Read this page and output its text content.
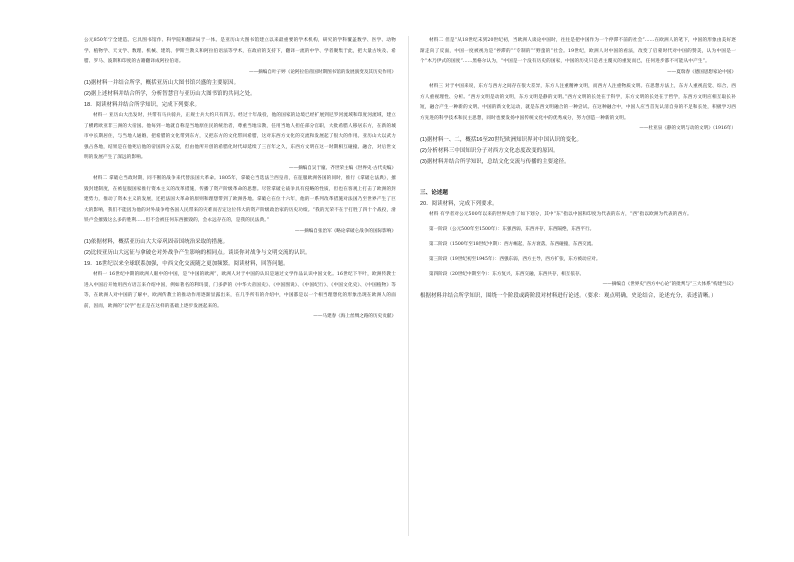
公元850年宁全建造。它具图书馆作、科学院和翻译局于一体。是亚历山大图书馆建立以来最重要的学术机构，研究的学科覆盖数学、医学、动物学、植物学、天文学、数理、机械、建筑、伊斯兰教义和阿拉伯语法等学术，在政府的支持下，翻译一流的中学、学者聚集于此，把大量古埃及、希腊、罗马、波斯和印度的古籍翻译成阿拉伯语。

——摘编自叶子婷《论阿拉伯帝国时期图书馆的发展演变及其历史作用》

(1)据材料一并结合所学，概括亚历山大图书馆兴盛的主要原因。

(2)据上述材料并结合所学，分析智慧宫与亚历山大图书馆的共同之处。

18．阅读材料并结合所学知识，完成下列要求。

材料一 亚历山大出发时，共带有马兵骑兵，正规士兵大约只有四万。经过十年战役，他的国家的边境已经扩展到尼罗河流域和印度河流域，建立了横跨欧亚非三洲的大帝国。他每到一地就自称是当地原住民的统治者，尊重当地宗教，任用当地人担任部分官职，大批希腊人移居东方，在新的城市中长期居住，与当地人通婚，把希腊的文化带到东方，又把东方的文化带回希腊，这对东西方文化的交流和发展起了很大的作用。亚历山大以武力强占各地，结果是在他死后他的帝国四分五裂，但由他所开创的希腊化时代却延续了三百年之久，东西方文明在这一时期相互碰撞、融合，对后世文明的发展产生了深远的影响。

——摘编自吴于廑、齐世荣主编《世界史·古代史编》

材料二 拿破仑当政时期，同不断的战争来代替法国大革命。1805年，拿破仑当选法兰西皇帝，在征服欧洲各国的同时，推行《拿破仑法典》，摧毁封建制度，在被征服国家推行资本主义的改革措施，传播了资产阶级革命的思想。尽管拿破仑战争具有侵略的性质，但也在客观上打击了欧洲的封建势力，推动了资本主义的发展，还把法国大革命的原则和理想带到了欧洲各地。拿破仑在位十六年，他的一系列改革措施对法国乃至世界产生了巨大的影响，我们不能因为他的对外战争给各国人民带来的灾难而否定这位伟大的资产阶级政治家的历史功绩。“我的光荣不在于打胜了四十个战役，滑铁卢会摧毁这么多的胜利……但不会被任何东西摧毁的，会永远存在的，是我的民法典。”

——摘编自张治军《略论拿破仑战争的国际影响》

(1)依据材料，概括亚历山大大帝巩固帝国统治采取的措施。

(2)比较亚历山大远征与拿破仑对外战争产生影响的相同点。谈谈你对战争与文明交流的认识。

19．16世纪以来全球联系加强，中西文化交流随之更加频繁。阅读材料，回答问题。

材料一 16世纪中期的欧洲人眼中的中国，是“中国的欧洲”，欧洲人对于中国的认识是通过文学作品认识中国文化。16世纪下半叶，欧洲传教士进入中国后开始用西方语言来介绍中国，例如著名的利玛窦，门多萨的《中华大帝国史》、《中国图说》、《中国纪行》、《中国文化史》、《中国植物》等等，在欧洲人对中国的了解中，欧洲传教士的推动作用逐渐显露出来，在几乎所有的介绍中，中国都是以一个相当理想化的形象出现在欧洲人的面前，因而，欧洲的“汉学”也正是在这样的基础上逐步发展起来的。

——马建春《海上丝绸之路的历史贡献》

材料二 但是“从18世纪末到20世纪初，当欧洲人谈论中国时，往往是把中国作为一个停滞不前的社会”……在欧洲人的笔下，中国的形象由美好逐渐走向了反面，中国一度被视为是“停滞的”“专制的”“野蛮的”社会。19世纪，欧洲人对中国的看法，改变了启蒙时代对中国的赞美，认为中国是一个“木乃伊式的国度”……黑格尔认为，“中国是一个没有历史的国家，中国的历史只是君主覆灭的重复而已，任何进步都不可能从中产生”。

——夏瑞春《德国思想家论中国》

材料三 对于中国来说，东方与西方之间存在很大差异，东方人注重精神文明，而西方人注重物质文明。在思想方法上，东方人重视直觉、综合，西方人重视理性、分析。“西方文明是动的文明，东方文明是静的文明。”西方文明的长处在于科学，东方文明的长处在于哲学，东西方文明应相互取长补短，融合产生一种新的文明。中国的新文化运动，就是东西文明融合的一种尝试。在这种融合中，中国人应当首先认清自身的不足和长处，积极学习西方先进的科学技术和民主思想，同时也要发扬中国传统文化中的优秀成分，努力创造一种新的文明。

——杜亚泉《静的文明与动的文明》（1916年）

(1)据材料一、二，概括16至20世纪欧洲知识界对中国认识的变化。

(2)分析材料三中国知识分子对西方文化态度改变的原因。

(3)据材料并结合所学知识，总结文化交流与传播的主要途径。

三、论述题

20．阅读材料，完成下列要求。

材料 有学者对公元500年以来的世界史作了如下划分，其中“东”指以中国和印度为代表的东方，“西”指以欧洲为代表的西方。

第一阶段（公元500年至1500年）：东强西弱，东西并存，东西隔绝，东西平行。

第二阶段（1500年至18世纪中期）：西方崛起，东方衰落，东西碰撞，东西交流。

第三阶段（19世纪初至1945年）：西强东弱，西方主导，西方扩张，东方被动应对。

第四阶段（20世纪中期至今）：东方复兴，东西交融，东西共存，相互依存。

——摘编自《世界史“西方中心论”的批判与“三大体系”构建刍议》

根据材料并结合所学知识，围绕一个阶段或跨阶段对材料进行论述。（要求：观点明确，史论结合，论述充分，表述清晰。）
